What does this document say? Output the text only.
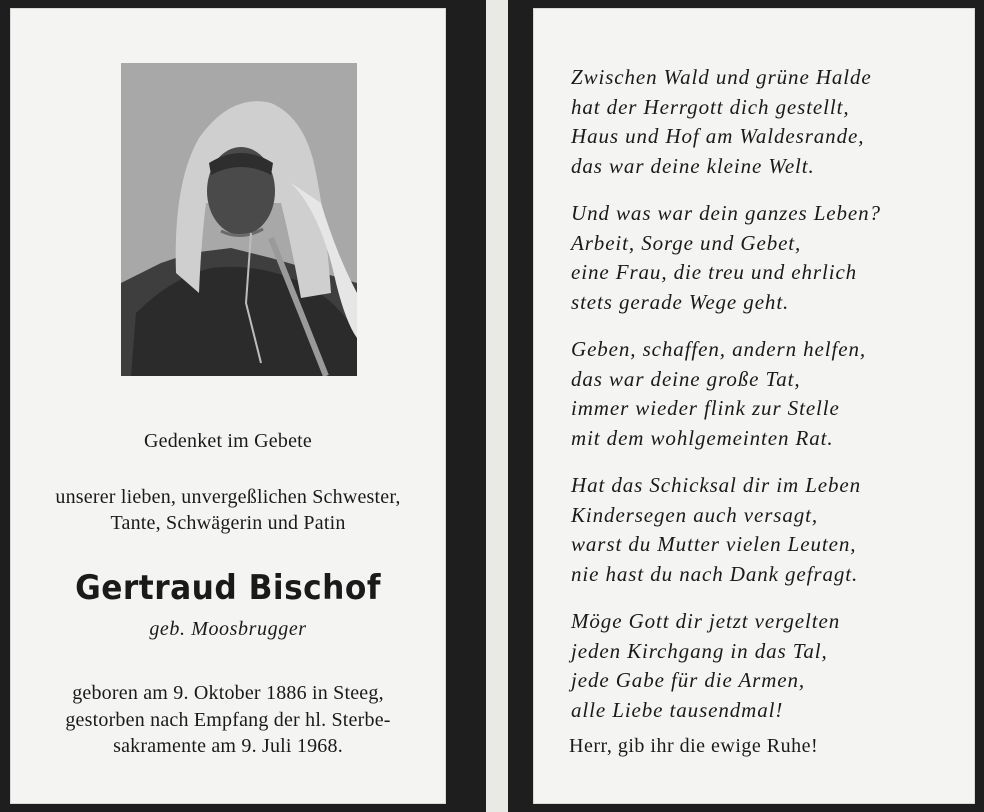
Gedenket im Gebete
unserer lieben, unvergeßlichen Schwester,
Tante, Schwägerin und Patin
Gertraud Bischof
geb. Moosbrugger
geboren am 9. Oktober 1886 in Steeg,
gestorben nach Empfang der hl. Sterbe-
sakramente am 9. Juli 1968.
Zwischen Wald und grüne Halde
hat der Herrgott dich gestellt,
Haus und Hof am Waldesrande,
das war deine kleine Welt.
Und was war dein ganzes Leben?
Arbeit, Sorge und Gebet,
eine Frau, die treu und ehrlich
stets gerade Wege geht.
Geben, schaffen, andern helfen,
das war deine große Tat,
immer wieder flink zur Stelle
mit dem wohlgemeinten Rat.
Hat das Schicksal dir im Leben
Kindersegen auch versagt,
warst du Mutter vielen Leuten,
nie hast du nach Dank gefragt.
Möge Gott dir jetzt vergelten
jeden Kirchgang in das Tal,
jede Gabe für die Armen,
alle Liebe tausendmal!
Herr, gib ihr die ewige Ruhe!
